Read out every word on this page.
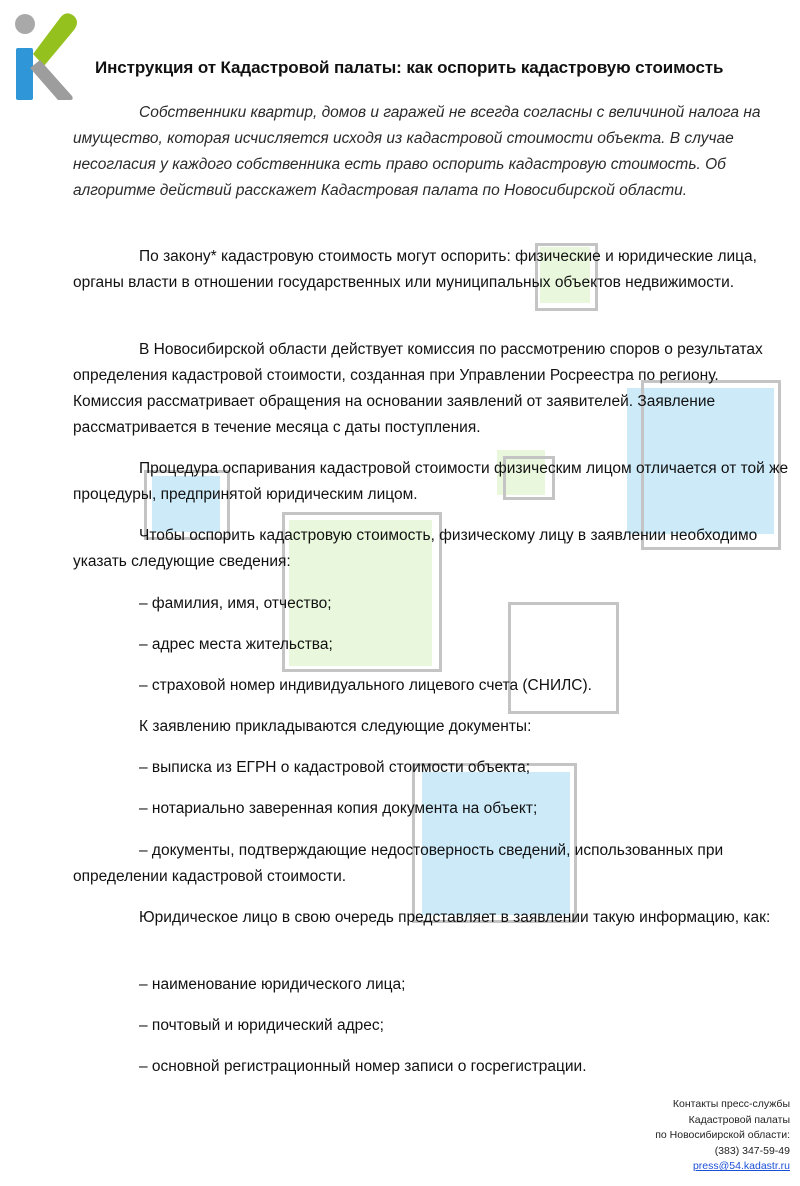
Инструкция от Кадастровой палаты: как оспорить кадастровую стоимость

Собственники квартир, домов и гаражей не всегда согласны с величиной налога на имущество, которая исчисляется исходя из кадастровой стоимости объекта. В случае несогласия у каждого собственника есть право оспорить кадастровую стоимость. Об алгоритме действий расскажет Кадастровая палата по Новосибирской области.

По закону* кадастровую стоимость могут оспорить: физические и юридические лица, органы власти в отношении государственных или муниципальных объектов недвижимости.

В Новосибирской области действует комиссия по рассмотрению споров о результатах определения кадастровой стоимости, созданная при Управлении Росреестра по региону. Комиссия рассматривает обращения на основании заявлений от заявителей. Заявление рассматривается в течение месяца с даты поступления.

Процедура оспаривания кадастровой стоимости физическим лицом отличается от той же процедуры, предпринятой юридическим лицом.

Чтобы оспорить кадастровую стоимость, физическому лицу в заявлении необходимо указать следующие сведения:

– фамилия, имя, отчество;

– адрес места жительства;

– страховой номер индивидуального лицевого счета (СНИЛС).

К заявлению прикладываются следующие документы:

– выписка из ЕГРН о кадастровой стоимости объекта;

– нотариально заверенная копия документа на объект;

– документы, подтверждающие недостоверность сведений, использованных при определении кадастровой стоимости.

Юридическое лицо в свою очередь представляет в заявлении такую информацию, как:

– наименование юридического лица;

– почтовый и юридический адрес;

– основной регистрационный номер записи о госрегистрации.

Контакты пресс-службы
Кадастровой палаты
по Новосибирской области:
(383) 347-59-49
press@54.kadastr.ru
